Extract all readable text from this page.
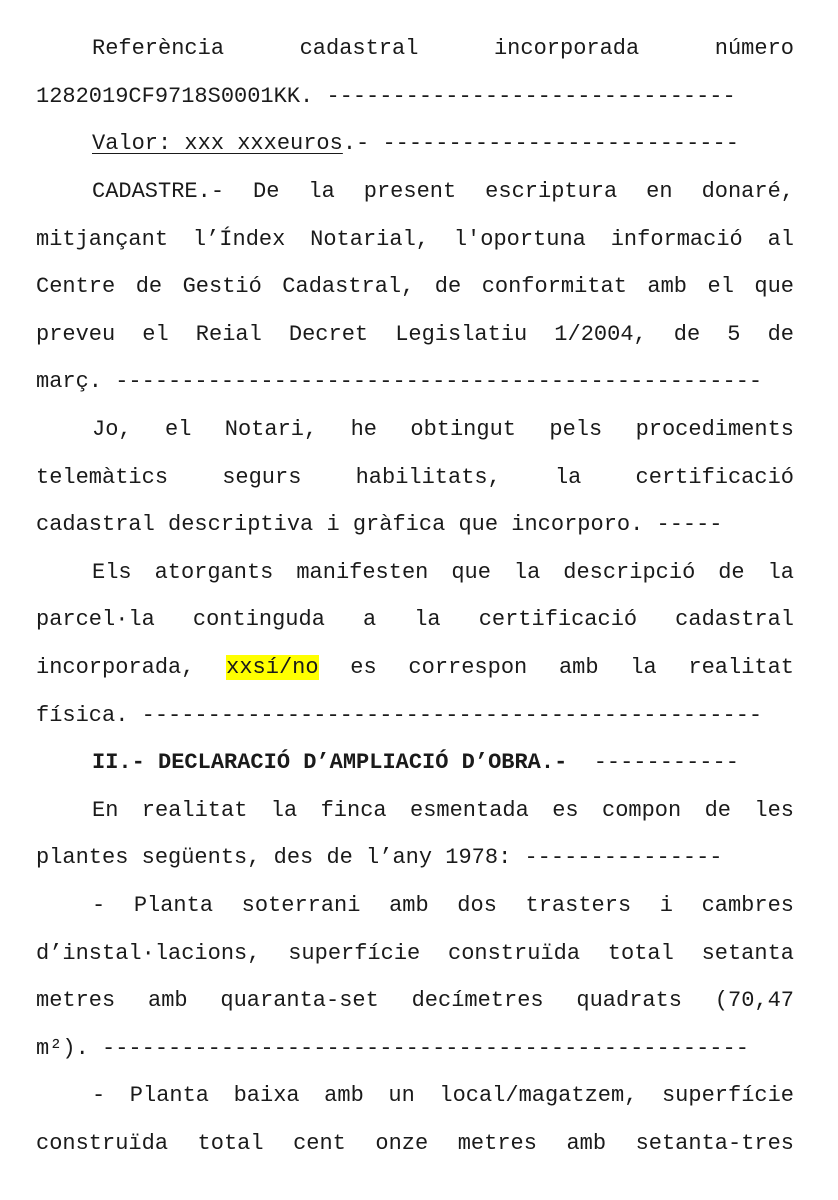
Referència cadastral incorporada número
1282019CF9718S0001KK. -------------------------------
Valor: xxx xxxeuros.- ---------------------------
CADASTRE.- De la present escriptura en donaré,
mitjançant l’Índex Notarial, l'oportuna informació al
Centre de Gestió Cadastral, de conformitat amb el que
preveu el Reial Decret Legislatiu 1/2004, de 5 de
març. -------------------------------------------------
Jo, el Notari, he obtingut pels procediments
telemàtics segurs habilitats, la certificació
cadastral descriptiva i gràfica que incorporo. -----
Els atorgants manifesten que la descripció de la
parcel·la continguda a la certificació cadastral
incorporada, xxsí/no es correspon amb la realitat
física. -----------------------------------------------
II.- DECLARACIÓ D’AMPLIACIÓ D’OBRA.- -----------
En realitat la finca esmentada es compon de les
plantes següents, des de l’any 1978: ---------------
- Planta soterrani amb dos trasters i cambres
d’instal·lacions, superfície construïda total setanta
metres amb quaranta-set decímetres quadrats (70,47
m²). -------------------------------------------------
- Planta baixa amb un local/magatzem, superfície
construïda total cent onze metres amb setanta-tres
